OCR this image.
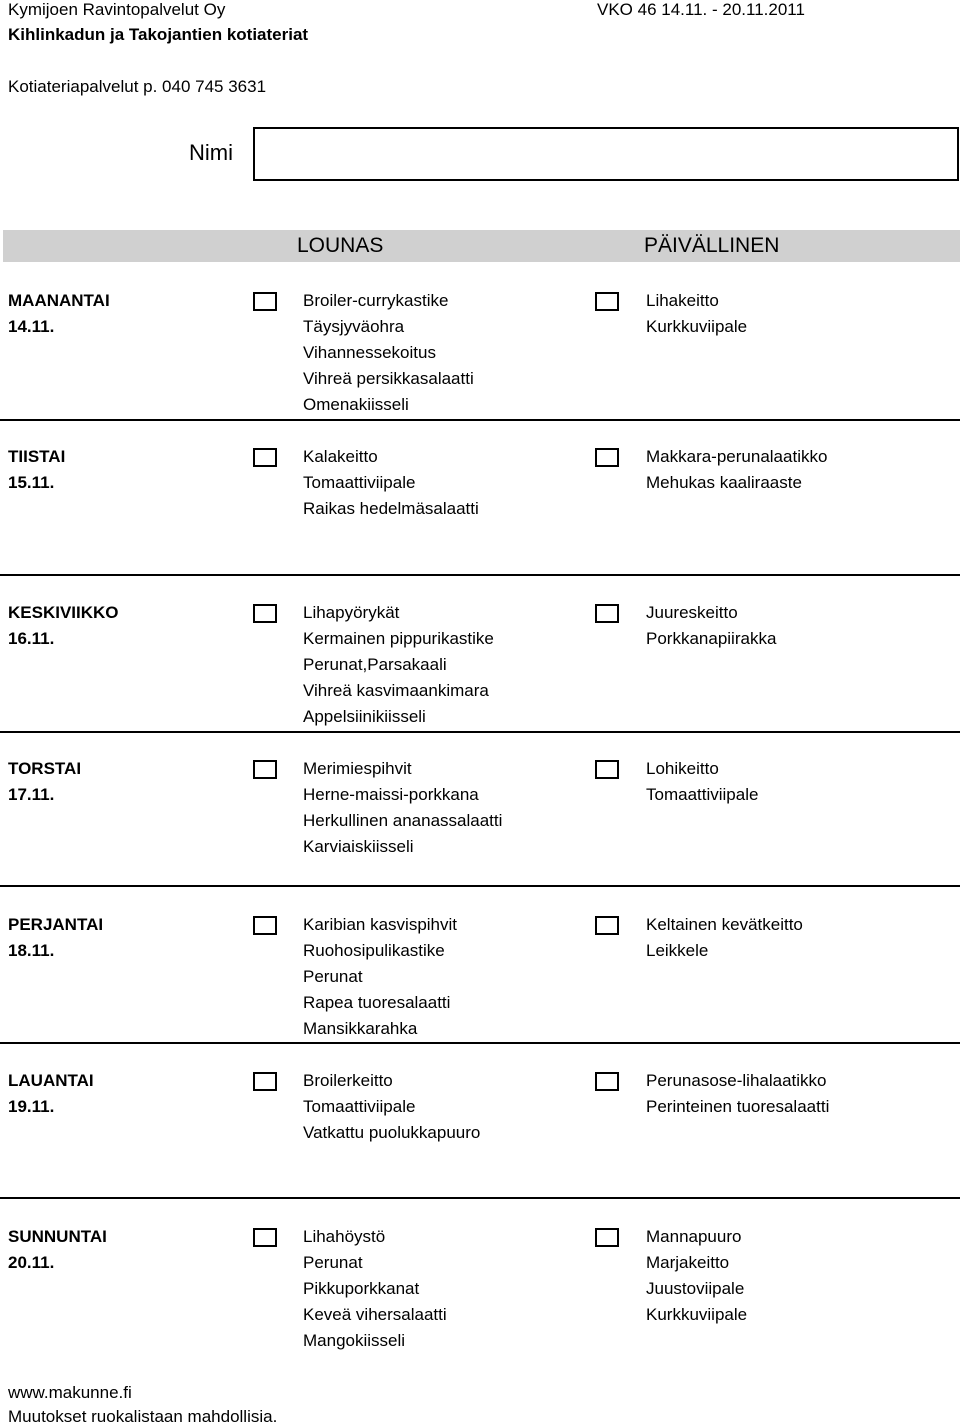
Kymijoen Ravintopalvelut Oy	VKO 46 14.11. - 20.11.2011
Kihlinkadun ja Takojantien kotiateriat
Kotiateriapalvelut p. 040 745 3631
Nimi
LOUNAS	PÄIVÄLLINEN
MAANANTAI
14.11.
Broiler-currykastike
Täysjyväohra
Vihannessekoitus
Vihreä persikkasalaatti
Omenakiisseli
Lihakeitto
Kurkkuviipale
TIISTAI
15.11.
Kalakeitto
Tomaattiviipale
Raikas hedelmäsalaatti
Makkara-perunalaatikko
Mehukas kaaliraaste
KESKIVIIKKO
16.11.
Lihapyörykät
Kermainen pippurikastike
Perunat,Parsakaali
Vihreä kasvimaankimara
Appelsiinikiisseli
Juureskeitto
Porkkanapiirakka
TORSTAI
17.11.
Merimiespihvit
Herne-maissi-porkkana
Herkullinen ananassalaatti
Karviaiskiisseli
Lohikeitto
Tomaattiviipale
PERJANTAI
18.11.
Karibian kasvispihvit
Ruohosipulikastike
Perunat
Rapea tuoresalaatti
Mansikkarahka
Keltainen kevätkeitto
Leikkele
LAUANTAI
19.11.
Broilerkeitto
Tomaattiviipale
Vatkattu puolukkapuuro
Perunasose-lihalaatikko
Perinteinen tuoresalaatti
SUNNUNTAI
20.11.
Lihahöystö
Perunat
Pikkuporkkanat
Keveä vihersalaatti
Mangokiisseli
Mannapuuro
Marjakeitto
Juustoviipale
Kurkkuviipale
www.makunne.fi
Muutokset ruokalistaan mahdollisia.
